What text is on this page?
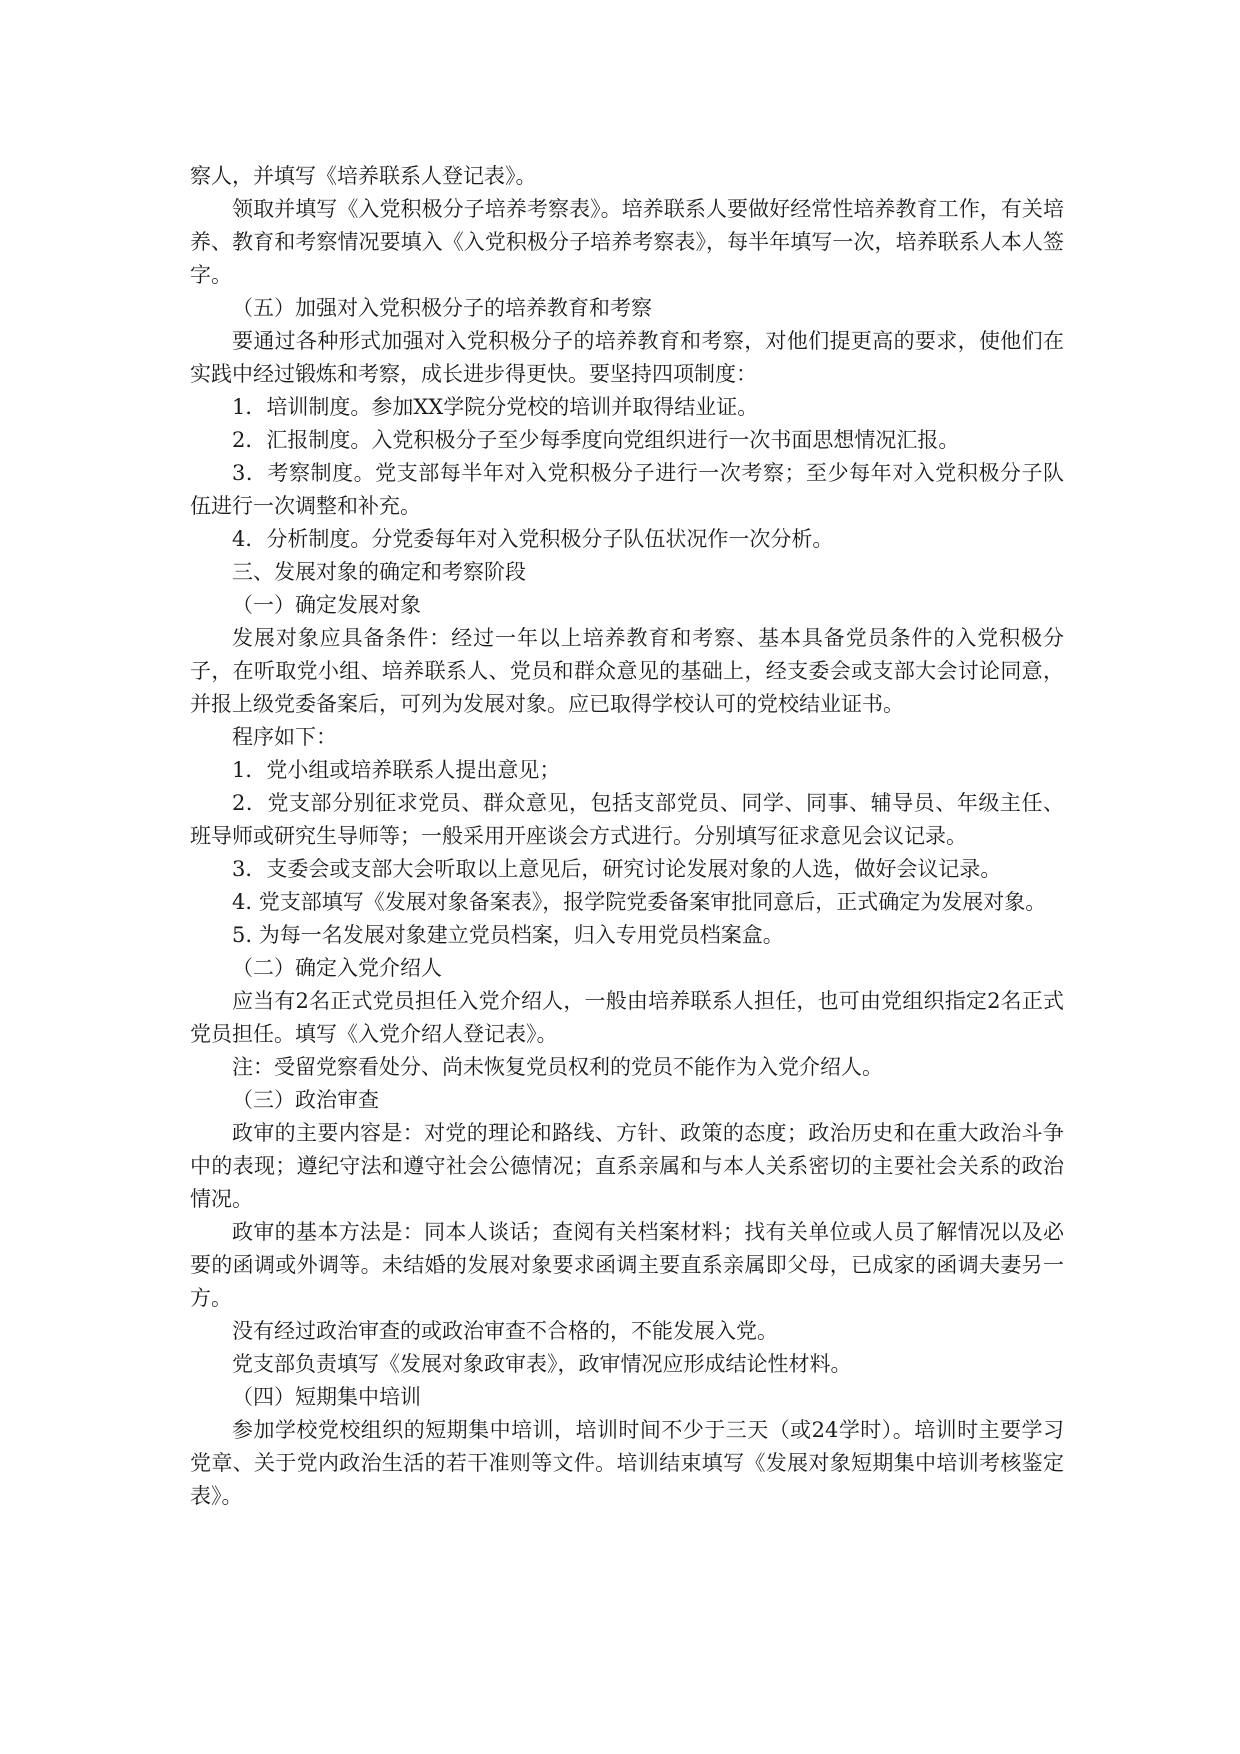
察人，并填写《培养联系人登记表》。

领取并填写《入党积极分子培养考察表》。培养联系人要做好经常性培养教育工作，有关培养、教育和考察情况要填入《入党积极分子培养考察表》，每半年填写一次，培养联系人本人签字。

（五）加强对入党积极分子的培养教育和考察

要通过各种形式加强对入党积极分子的培养教育和考察，对他们提更高的要求，使他们在实践中经过锻炼和考察，成长进步得更快。要坚持四项制度：

1．培训制度。参加XX学院分党校的培训并取得结业证。

2．汇报制度。入党积极分子至少每季度向党组织进行一次书面思想情况汇报。

3．考察制度。党支部每半年对入党积极分子进行一次考察；至少每年对入党积极分子队伍进行一次调整和补充。

4．分析制度。分党委每年对入党积极分子队伍状况作一次分析。

三、发展对象的确定和考察阶段

（一）确定发展对象

发展对象应具备条件：经过一年以上培养教育和考察、基本具备党员条件的入党积极分子，在听取党小组、培养联系人、党员和群众意见的基础上，经支委会或支部大会讨论同意，并报上级党委备案后，可列为发展对象。应已取得学校认可的党校结业证书。

程序如下：

1．党小组或培养联系人提出意见；

2．党支部分别征求党员、群众意见，包括支部党员、同学、同事、辅导员、年级主任、班导师或研究生导师等；一般采用开座谈会方式进行。分别填写征求意见会议记录。

3．支委会或支部大会听取以上意见后，研究讨论发展对象的人选，做好会议记录。

4. 党支部填写《发展对象备案表》，报学院党委备案审批同意后，正式确定为发展对象。

5. 为每一名发展对象建立党员档案，归入专用党员档案盒。

（二）确定入党介绍人

应当有2名正式党员担任入党介绍人，一般由培养联系人担任，也可由党组织指定2名正式党员担任。填写《入党介绍人登记表》。

注：受留党察看处分、尚未恢复党员权利的党员不能作为入党介绍人。

（三）政治审查

政审的主要内容是：对党的理论和路线、方针、政策的态度；政治历史和在重大政治斗争中的表现；遵纪守法和遵守社会公德情况；直系亲属和与本人关系密切的主要社会关系的政治情况。

政审的基本方法是：同本人谈话；查阅有关档案材料；找有关单位或人员了解情况以及必要的函调或外调等。未结婚的发展对象要求函调主要直系亲属即父母，已成家的函调夫妻另一方。

没有经过政治审查的或政治审查不合格的，不能发展入党。

党支部负责填写《发展对象政审表》，政审情况应形成结论性材料。

（四）短期集中培训

参加学校党校组织的短期集中培训，培训时间不少于三天（或24学时）。培训时主要学习党章、关于党内政治生活的若干准则等文件。培训结束填写《发展对象短期集中培训考核鉴定表》。
